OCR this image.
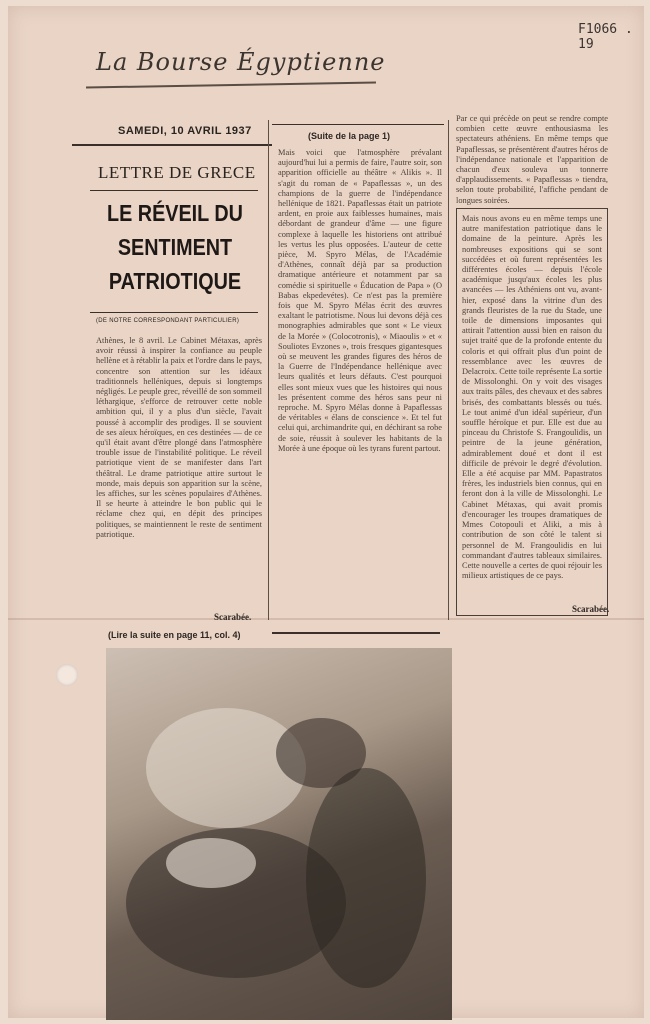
F1066 . 19
La Bourse Égyptienne
SAMEDI, 10 AVRIL 1937
LETTRE DE GRECE
LE RÉVEIL DU SENTIMENT PATRIOTIQUE
(DE NOTRE CORRESPONDANT PARTICULIER)
Athènes, le 8 avril. Le Cabinet Métaxas, après avoir réussi à inspirer la confiance au peuple hellène et à rétablir la paix et l'ordre dans le pays, concentre son attention sur les idéaux traditionnels helléniques, depuis si longtemps négligés. Le peuple grec, réveillé de son sommeil léthargique, s'efforce de retrouver cette noble ambition qui, il y a plus d'un siècle, l'avait poussé à accomplir des prodiges. Il se souvient de ses aïeux héroïques, en ces destinées — de ce qu'il était avant d'être plongé dans l'atmosphère trouble issue de l'instabilité politique. Le réveil patriotique vient de se manifester dans l'art théâtral. Le drame patriotique attire surtout le monde, mais depuis son apparition sur la scène, les affiches, sur les scènes populaires d'Athènes. Il se heurte à atteindre le bon public qui le réclame chez qui, en dépit des principes politiques, se maintiennent le reste de sentiment patriotique.
Scarabée.
(Lire la suite en page 11, col. 4)
(Suite de la page 1)
Mais voici que l'atmosphère prévalant aujourd'hui lui a permis de faire, l'autre soir, son apparition officielle au théâtre « Alikis ». Il s'agit du roman de « Papaflessas », un des champions de la guerre de l'indépendance hellénique de 1821. Papaflessas était un patriote ardent, en proie aux faiblesses humaines, mais débordant de grandeur d'âme — une figure complexe à laquelle les historiens ont attribué les vertus les plus opposées. L'auteur de cette pièce, M. Spyro Mélas, de l'Académie d'Athènes, connaît déjà par sa production dramatique antérieure et notamment par sa comédie si spirituelle « Éducation de Papa » (O Babas ekpedevétes). Ce n'est pas la première fois que M. Spyro Mélas écrit des œuvres exaltant le patriotisme. Nous lui devons déjà ces monographies admirables que sont « Le vieux de la Morée » (Colocotronis), « Miaoulis » et « Souliotes Evzones », trois fresques gigantesques où se meuvent les grandes figures des héros de la Guerre de l'Indépendance hellénique avec leurs qualités et leurs défauts. C'est pourquoi elles sont mieux vues que les histoires qui nous les présentent comme des héros sans peur ni reproche. M. Spyro Mélas donne à Papaflessas de véritables « élans de conscience ». Et tel fut celui qui, archimandrite qui, en déchirant sa robe de soie, réussit à soulever les habitants de la Morée à une époque où les tyrans furent partout.
Par ce qui précède on peut se rendre compte combien cette œuvre enthousiasma les spectateurs athéniens. En même temps que Papaflessas, se présentèrent d'autres héros de l'indépendance nationale et l'apparition de chacun d'eux souleva un tonnerre d'applaudissements. « Papaflessas » tiendra, selon toute probabilité, l'affiche pendant de longues soirées.
Mais nous avons eu en même temps une autre manifestation patriotique dans le domaine de la peinture. Après les nombreuses expositions qui se sont succédées et où furent représentées les différentes écoles — depuis l'école académique jusqu'aux écoles les plus avancées — les Athéniens ont vu, avant-hier, exposé dans la vitrine d'un des grands fleuristes de la rue du Stade, une toile de dimensions imposantes qui attirait l'attention aussi bien en raison du sujet traité que de la profonde entente du coloris et qui offrait plus d'un point de ressemblance avec les œuvres de Delacroix. Cette toile représente La sortie de Missolonghi. On y voit des visages aux traits pâles, des chevaux et des sabres brisés, des combattants blessés ou tués. Le tout animé d'un idéal supérieur, d'un souffle héroïque et pur. Elle est due au pinceau du Christofe S. Frangoulidis, un peintre de la jeune génération, admirablement doué et dont il est difficile de prévoir le degré d'évolution. Elle a été acquise par MM. Papastratos frères, les industriels bien connus, qui en feront don à la ville de Missolonghi. Le Cabinet Métaxas, qui avait promis d'encourager les troupes dramatiques de Mmes Cotopouli et Aliki, a mis à contribution de son côté le talent si personnel de M. Frangoulidis en lui commandant d'autres tableaux similaires. Cette nouvelle a certes de quoi réjouir les milieux artistiques de ce pays.
Scarabée.
